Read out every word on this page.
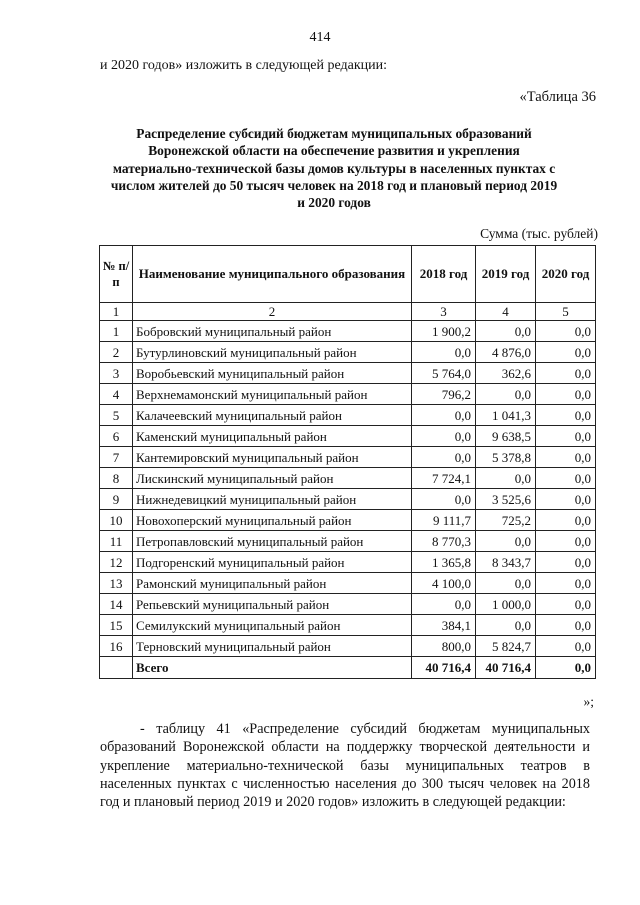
414
и 2020 годов» изложить в следующей редакции:
«Таблица 36
Распределение субсидий бюджетам муниципальных образований Воронежской области на обеспечение развития и укрепления материально-технической базы домов культуры в населенных пунктах с числом жителей до 50 тысяч человек на 2018 год и плановый период 2019 и 2020 годов
Сумма (тыс. рублей)
№ п/ п	Наименование муниципального образования	2018 год	2019 год	2020 год
1	2	3	4	5
1	Бобровский муниципальный район	1 900,2	0,0	0,0
2	Бутурлиновский муниципальный район	0,0	4 876,0	0,0
3	Воробьевский муниципальный район	5 764,0	362,6	0,0
4	Верхнемамонский муниципальный район	796,2	0,0	0,0
5	Калачеевский муниципальный район	0,0	1 041,3	0,0
6	Каменский муниципальный район	0,0	9 638,5	0,0
7	Кантемировский муниципальный район	0,0	5 378,8	0,0
8	Лискинский муниципальный район	7 724,1	0,0	0,0
9	Нижнедевицкий муниципальный район	0,0	3 525,6	0,0
10	Новохоперский муниципальный район	9 111,7	725,2	0,0
11	Петропавловский муниципальный район	8 770,3	0,0	0,0
12	Подгоренский муниципальный район	1 365,8	8 343,7	0,0
13	Рамонский муниципальный район	4 100,0	0,0	0,0
14	Репьевский муниципальный район	0,0	1 000,0	0,0
15	Семилукский муниципальный район	384,1	0,0	0,0
16	Терновский муниципальный район	800,0	5 824,7	0,0
	Всего	40 716,4	40 716,4	0,0
»;
- таблицу 41 «Распределение субсидий бюджетам муниципальных образований Воронежской области на поддержку творческой деятельности и укрепление материально-технической базы муниципальных театров в населенных пунктах с численностью населения до 300 тысяч человек на 2018 год и плановый период 2019 и 2020 годов» изложить в следующей редакции:
